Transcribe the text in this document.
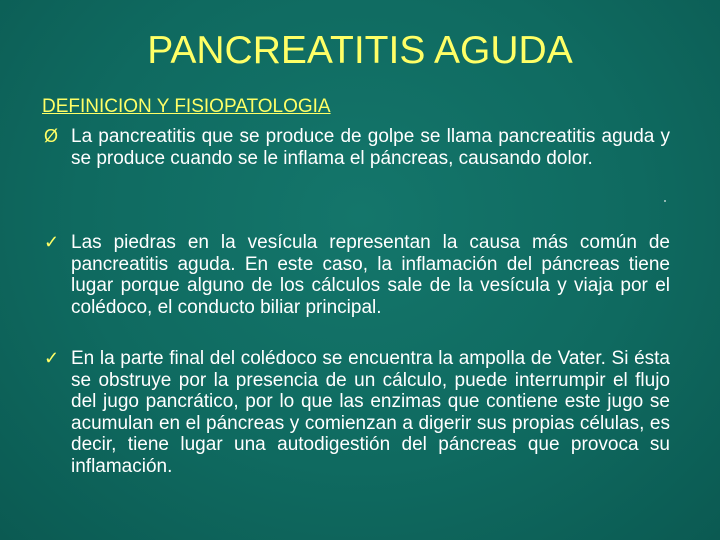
PANCREATITIS AGUDA
DEFINICION Y FISIOPATOLOGIA
Ø La pancreatitis que se produce de golpe se llama pancreatitis aguda y se produce cuando se le inflama el páncreas, causando dolor.
✓ Las piedras en la vesícula representan la causa más común de pancreatitis aguda. En este caso, la inflamación del páncreas tiene lugar porque alguno de los cálculos sale de la vesícula y viaja por el colédoco, el conducto biliar principal.
✓ En la parte final del colédoco se encuentra la ampolla de Vater. Si ésta se obstruye por la presencia de un cálculo, puede interrumpir el flujo del jugo pancrático, por lo que las enzimas que contiene este jugo se acumulan en el páncreas y comienzan a digerir sus propias células, es decir, tiene lugar una autodigestión del páncreas que provoca su inflamación.
